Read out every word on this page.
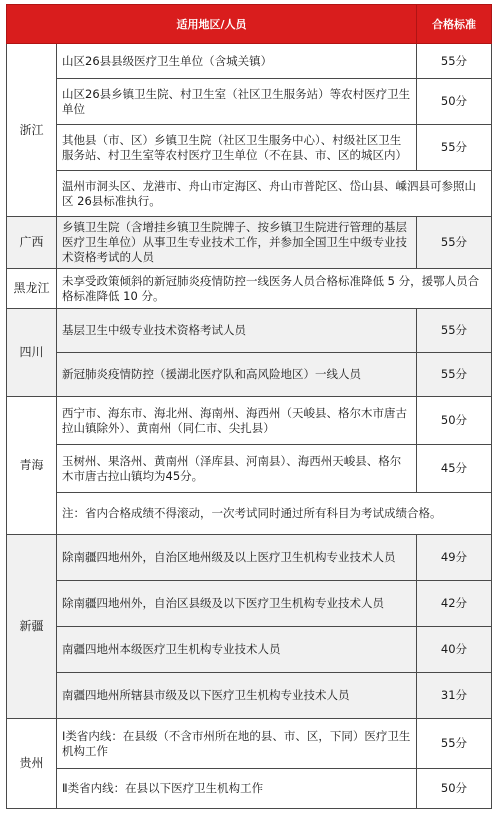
适用地区/人员		合格标准
浙江	山区26县县级医疗卫生单位（含城关镇）	55分
	山区26县乡镇卫生院、村卫生室（社区卫生服务站）等农村医疗卫生单位	50分
	其他县（市、区）乡镇卫生院（社区卫生服务中心）、村级社区卫生服务站、村卫生室等农村医疗卫生单位（不在县、市、区的城区内）	55分
	温州市洞头区、龙港市、舟山市定海区、舟山市普陀区、岱山县、嵊泗县可参照山区 26县标准执行。	
广西	乡镇卫生院（含增挂乡镇卫生院牌子、按乡镇卫生院进行管理的基层医疗卫生单位）从事卫生专业技术工作，并参加全国卫生中级专业技术资格考试的人员	55分
黑龙江	未享受政策倾斜的新冠肺炎疫情防控一线医务人员合格标准降低 5 分，援鄂人员合格标准降低 10 分。	
四川	基层卫生中级专业技术资格考试人员	55分
	新冠肺炎疫情防控（援湖北医疗队和高风险地区）一线人员	55分
青海	西宁市、海东市、海北州、海南州、海西州（天峻县、格尔木市唐古拉山镇除外）、黄南州（同仁市、尖扎县）	50分
	玉树州、果洛州、黄南州（泽库县、河南县）、海西州天峻县、格尔木市唐古拉山镇均为45分。	45分
	注：省内合格成绩不得滚动，一次考试同时通过所有科目为考试成绩合格。	
新疆	除南疆四地州外，自治区地州级及以上医疗卫生机构专业技术人员	49分
	除南疆四地州外，自治区县级及以下医疗卫生机构专业技术人员	42分
	南疆四地州本级医疗卫生机构专业技术人员	40分
	南疆四地州所辖县市级及以下医疗卫生机构专业技术人员	31分
贵州	Ⅰ类省内线：在县级（不含市州所在地的县、市、区，下同）医疗卫生机构工作	55分
	Ⅱ类省内线：在县以下医疗卫生机构工作	50分
